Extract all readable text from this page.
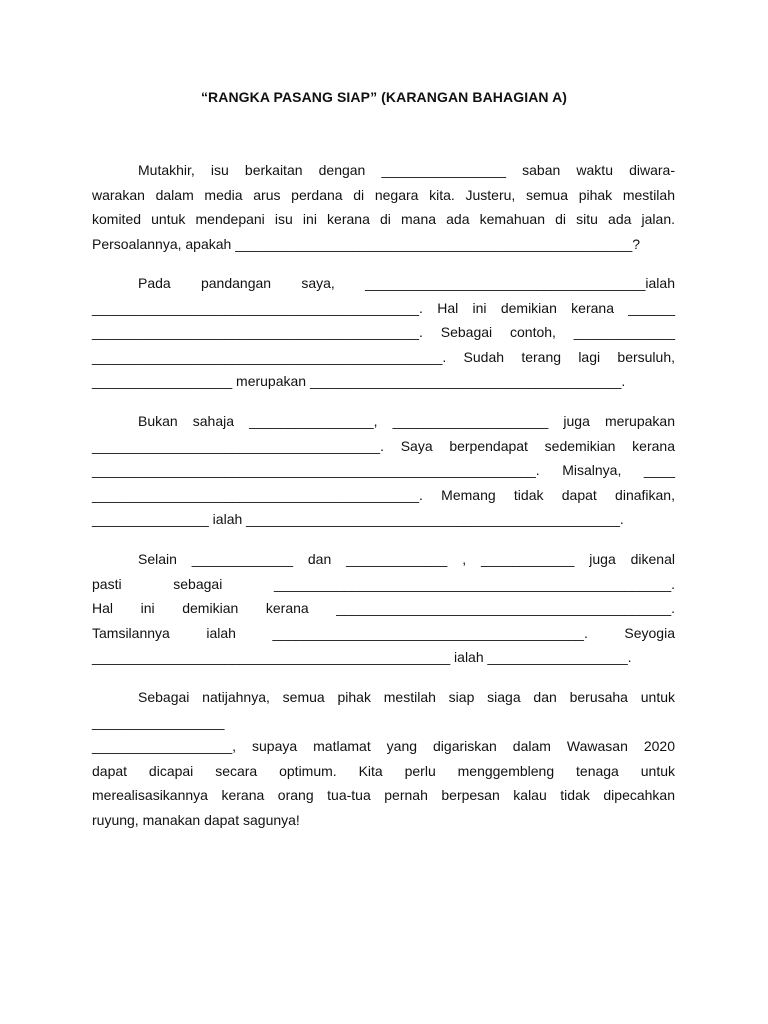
“RANGKA PASANG SIAP” (KARANGAN BAHAGIAN A)
Mutakhir, isu berkaitan dengan ________________ saban waktu diwara-
warakan dalam media arus perdana di negara kita. Justeru, semua pihak mestilah
komited untuk mendepani isu ini kerana di mana ada kemahuan di situ ada jalan.
Persoalannya, apakah ___________________________________________________?
Pada pandangan saya, ____________________________________ialah
__________________________________________. Hal ini demikian kerana ______
__________________________________________. Sebagai contoh, _____________
_____________________________________________. Sudah terang lagi bersuluh,
__________________ merupakan ________________________________________.
Bukan sahaja ________________, ____________________ juga merupakan
_____________________________________. Saya berpendapat sedemikian kerana
_________________________________________________________. Misalnya, ____
__________________________________________. Memang tidak dapat dinafikan,
_______________ ialah ________________________________________________.
Selain _____________ dan _____________ , ____________ juga dikenal
pasti sebagai ___________________________________________________.
Hal ini demikian kerana ___________________________________________.
Tamsilannya ialah ________________________________________. Seyogia
______________________________________________ ialah __________________.
Sebagai natijahnya, semua pihak mestilah siap siaga dan berusaha untuk
_________________
__________________, supaya matlamat yang digariskan dalam Wawasan 2020
dapat dicapai secara optimum. Kita perlu menggembleng tenaga untuk
merealisasikannya kerana orang tua-tua pernah berpesan kalau tidak dipecahkan
ruyung, manakan dapat sagunya!
